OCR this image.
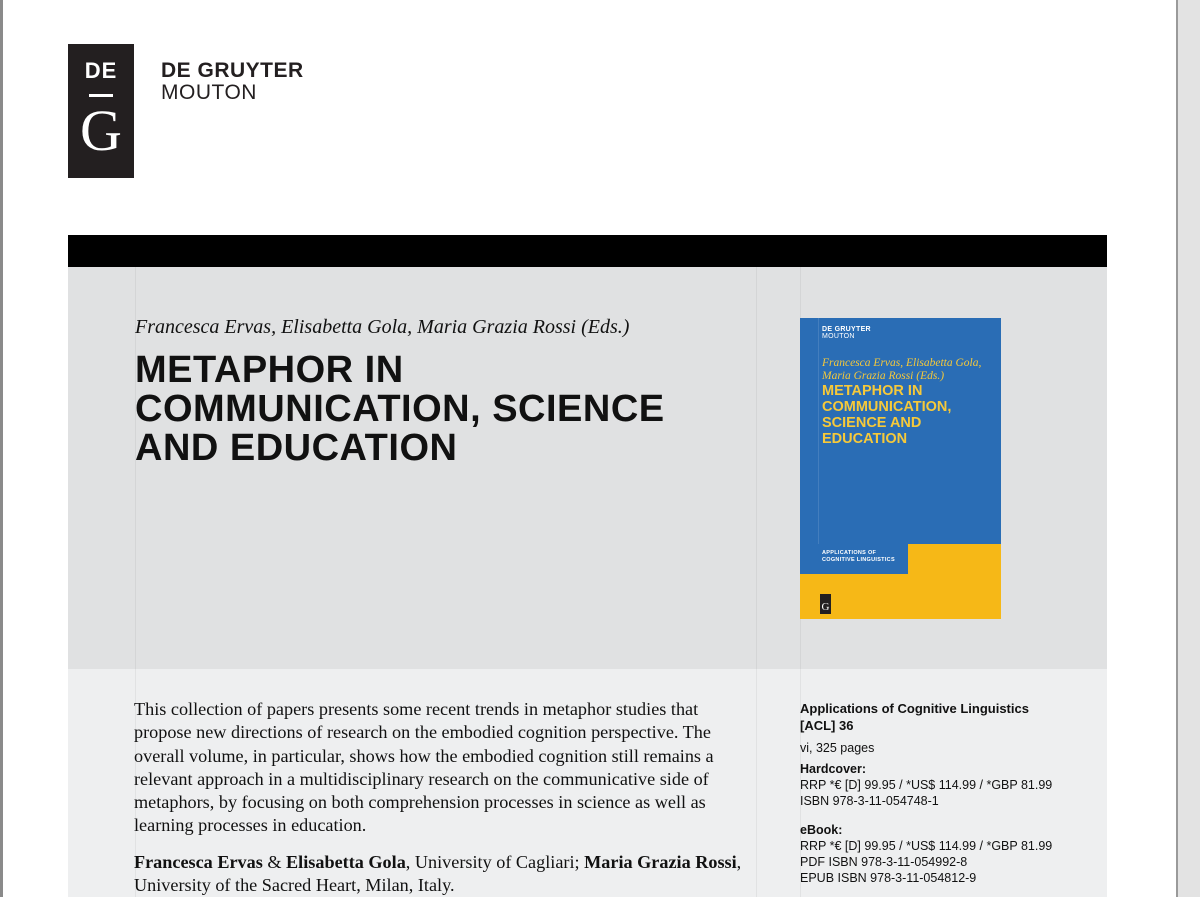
DE
G
DE GRUYTER
MOUTON
Francesca Ervas, Elisabetta Gola, Maria Grazia Rossi (Eds.)
METAPHOR IN
COMMUNICATION, SCIENCE
AND EDUCATION
DE GRUYTER
MOUTON
Francesca Ervas, Elisabetta Gola,
Maria Grazia Rossi (Eds.)
METAPHOR IN
COMMUNICATION,
SCIENCE AND
EDUCATION
APPLICATIONS OF
COGNITIVE LINGUISTICS
G
This collection of papers presents some recent trends in metaphor studies that propose new directions of research on the embodied cognition perspective. The overall volume, in particular, shows how the embodied cognition still remains a relevant approach in a multidisciplinary research on the communicative side of metaphors, by focusing on both comprehension processes in science as well as learning processes in education.
Francesca Ervas & Elisabetta Gola, University of Cagliari; Maria Grazia Rossi, University of the Sacred Heart, Milan, Italy.
Applications of Cognitive Linguistics
[ACL] 36
vi, 325 pages
Hardcover:
RRP *€ [D] 99.95 / *US$ 114.99 / *GBP 81.99
ISBN 978-3-11-054748-1
eBook:
RRP *€ [D] 99.95 / *US$ 114.99 / *GBP 81.99
PDF ISBN 978-3-11-054992-8
EPUB ISBN 978-3-11-054812-9
